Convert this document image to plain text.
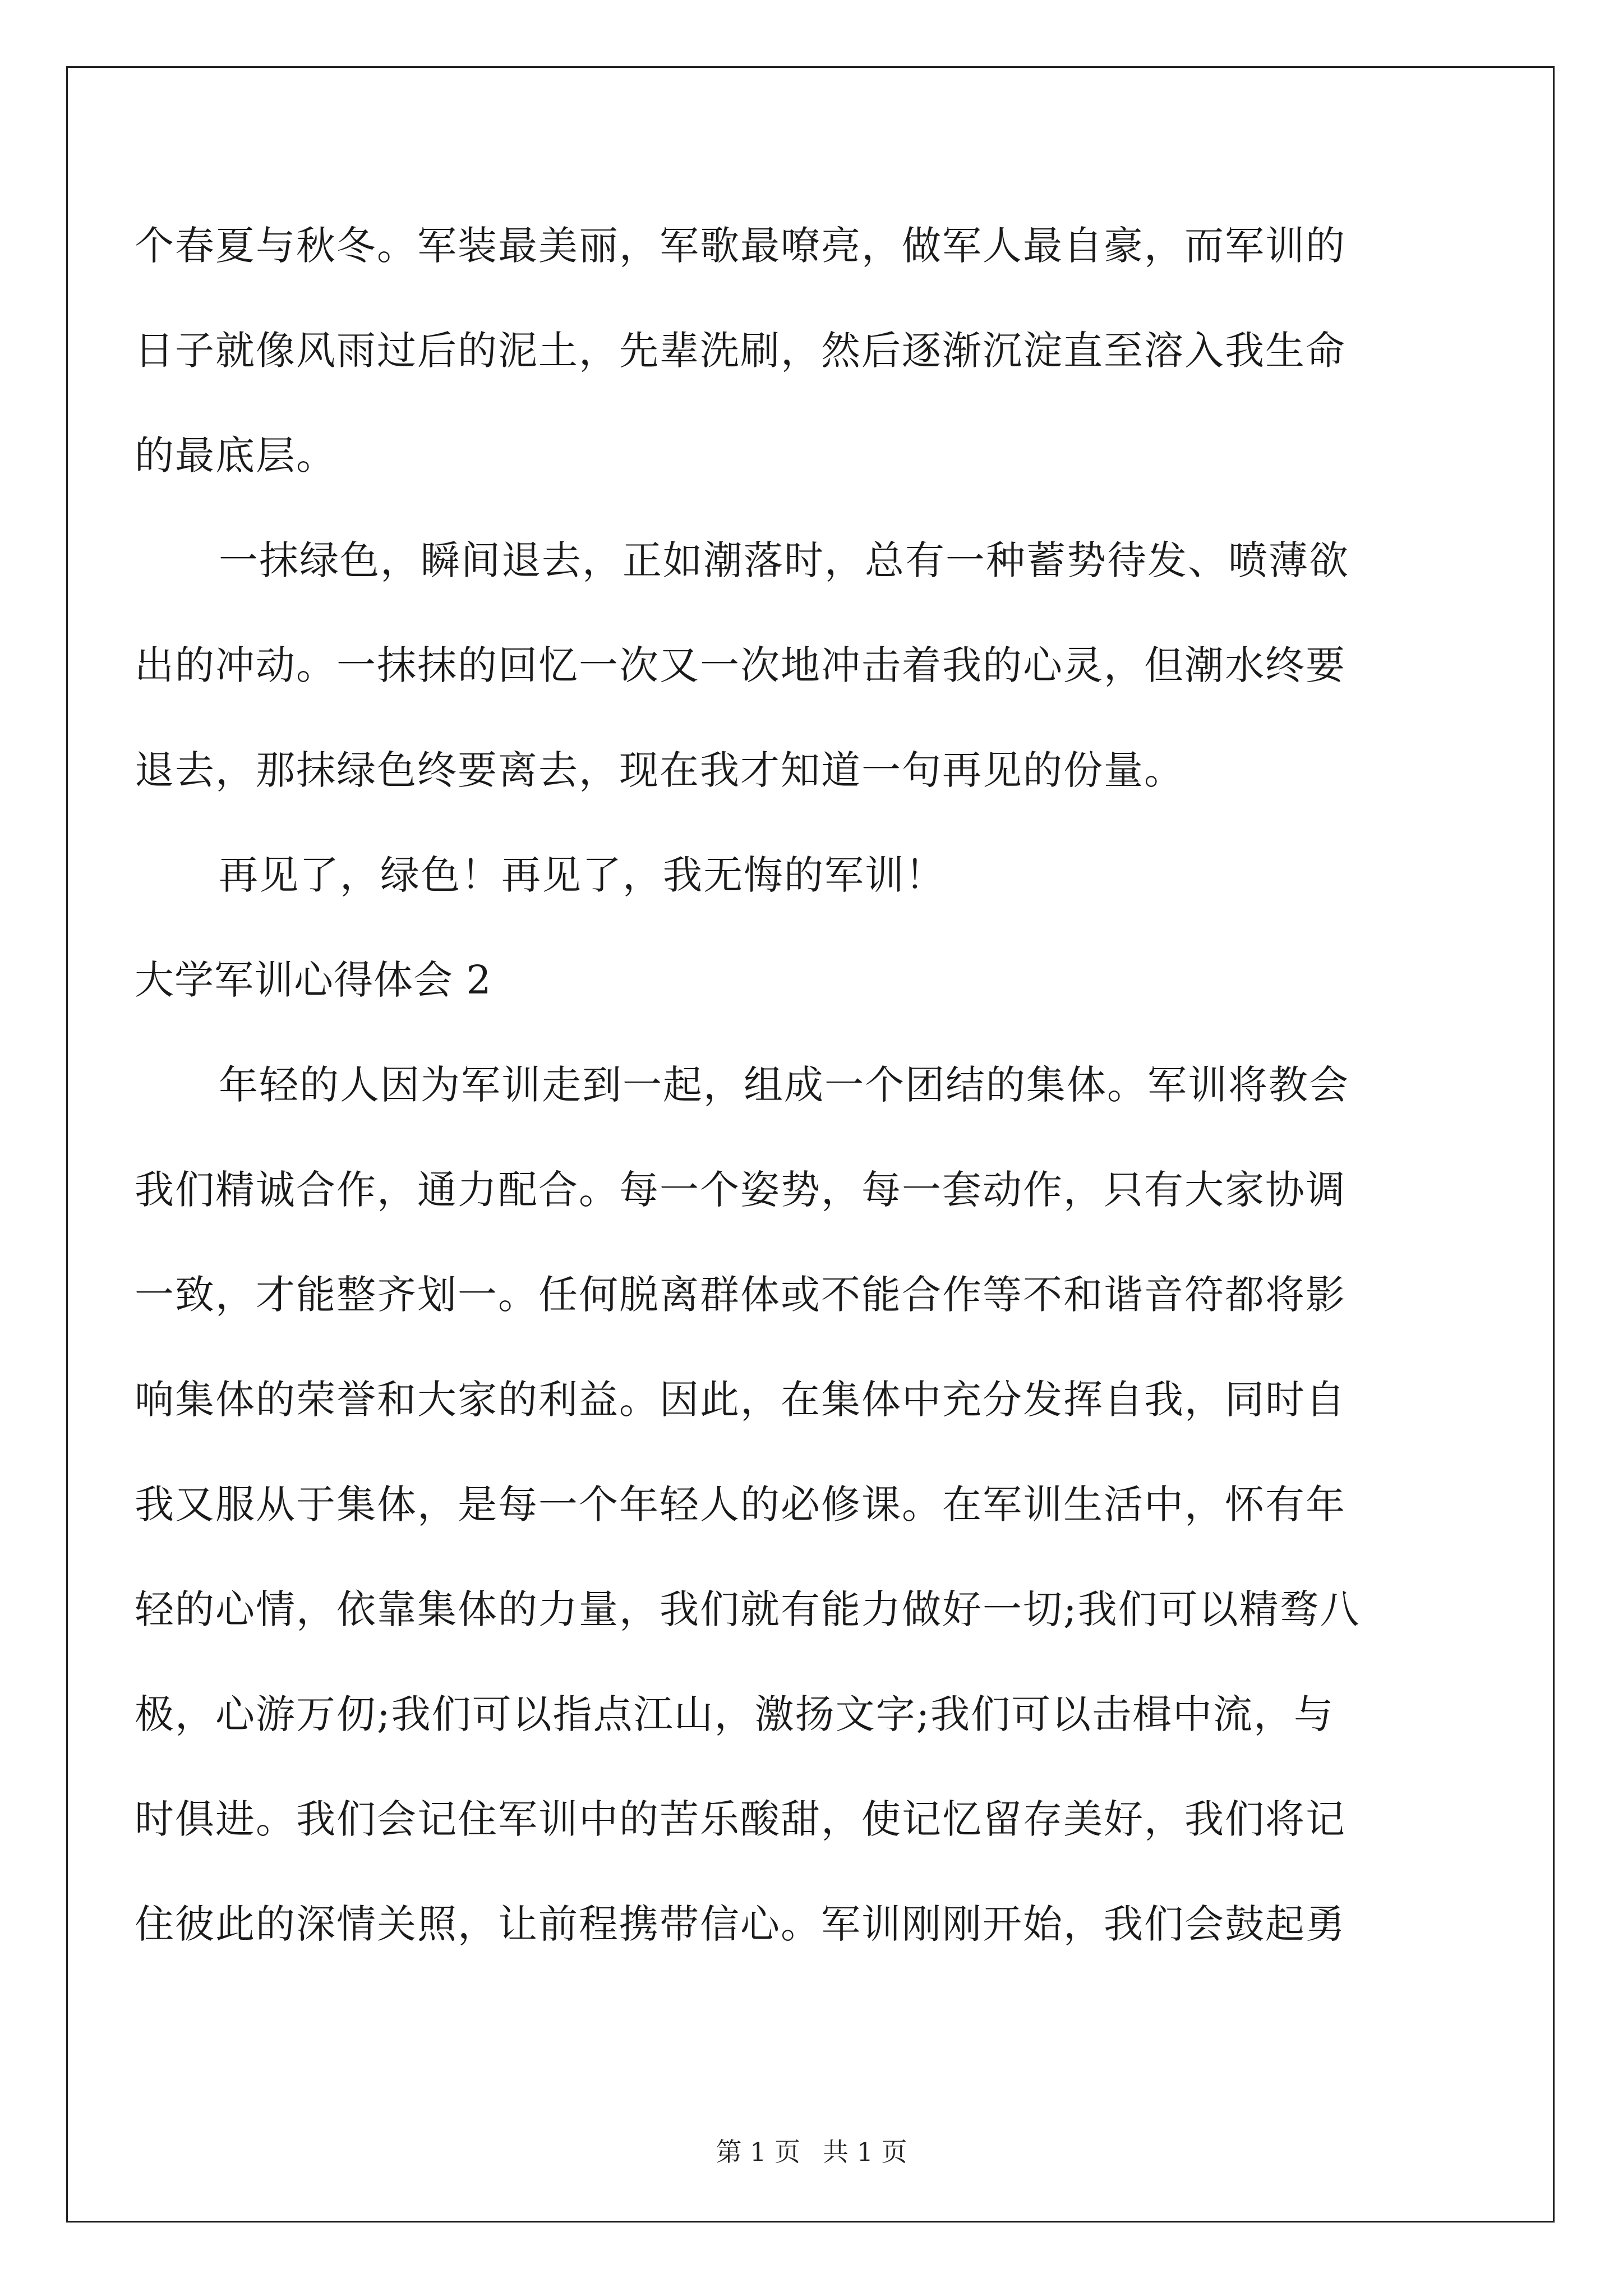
个春夏与秋冬。军装最美丽，军歌最嘹亮，做军人最自豪，而军训的
日子就像风雨过后的泥土，先辈洗刷，然后逐渐沉淀直至溶入我生命
的最底层。
一抹绿色，瞬间退去，正如潮落时，总有一种蓄势待发、喷薄欲
出的冲动。一抹抹的回忆一次又一次地冲击着我的心灵，但潮水终要
退去，那抹绿色终要离去，现在我才知道一句再见的份量。
再见了，绿色！再见了，我无悔的军训！
大学军训心得体会 2
年轻的人因为军训走到一起，组成一个团结的集体。军训将教会
我们精诚合作，通力配合。每一个姿势，每一套动作，只有大家协调
一致，才能整齐划一。任何脱离群体或不能合作等不和谐音符都将影
响集体的荣誉和大家的利益。因此，在集体中充分发挥自我，同时自
我又服从于集体，是每一个年轻人的必修课。在军训生活中，怀有年
轻的心情，依靠集体的力量，我们就有能力做好一切;我们可以精骛八
极，心游万仞;我们可以指点江山，激扬文字;我们可以击楫中流，与
时俱进。我们会记住军训中的苦乐酸甜，使记忆留存美好，我们将记
住彼此的深情关照，让前程携带信心。军训刚刚开始，我们会鼓起勇
第 1 页 共 1 页
